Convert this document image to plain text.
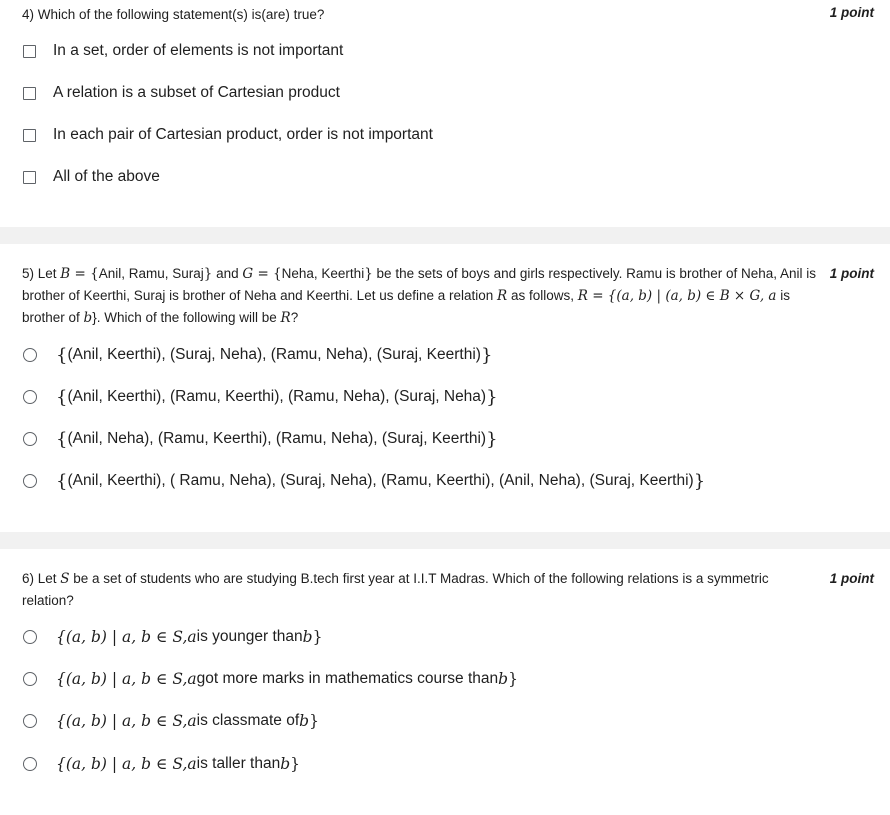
4) Which of the following statement(s) is(are) true?	1 point
In a set, order of elements is not important
A relation is a subset of Cartesian product
In each pair of Cartesian product, order is not important
All of the above
5) Let B = {Anil, Ramu, Suraj} and G = {Neha, Keerthi} be the sets of boys and girls respectively. Ramu is brother of Neha, Anil is brother of Keerthi, Suraj is brother of Neha and Keerthi. Let us define a relation R as follows, R = {(a, b) | (a, b) ∈ B × G, a is brother of b}. Which of the following will be R?
1 point
{ (Anil, Keerthi), (Suraj, Neha), (Ramu, Neha), (Suraj, Keerthi) }
{ (Anil, Keerthi), (Ramu, Keerthi), (Ramu, Neha), (Suraj, Neha) }
{ (Anil, Neha), (Ramu, Keerthi), (Ramu, Neha), (Suraj, Keerthi) }
{ (Anil, Keerthi), ( Ramu, Neha), (Suraj, Neha), (Ramu, Keerthi), (Anil, Neha), (Suraj, Keerthi) }
6) Let S be a set of students who are studying B.tech first year at I.I.T Madras. Which of the following relations is a symmetric relation?
1 point
{(a, b) | a, b ∈ S, a is younger than b }
{(a, b) | a, b ∈ S, a got more marks in mathematics course than b }
{(a, b) | a, b ∈ S, a is classmate of b }
{(a, b) | a, b ∈ S, a is taller than b }
